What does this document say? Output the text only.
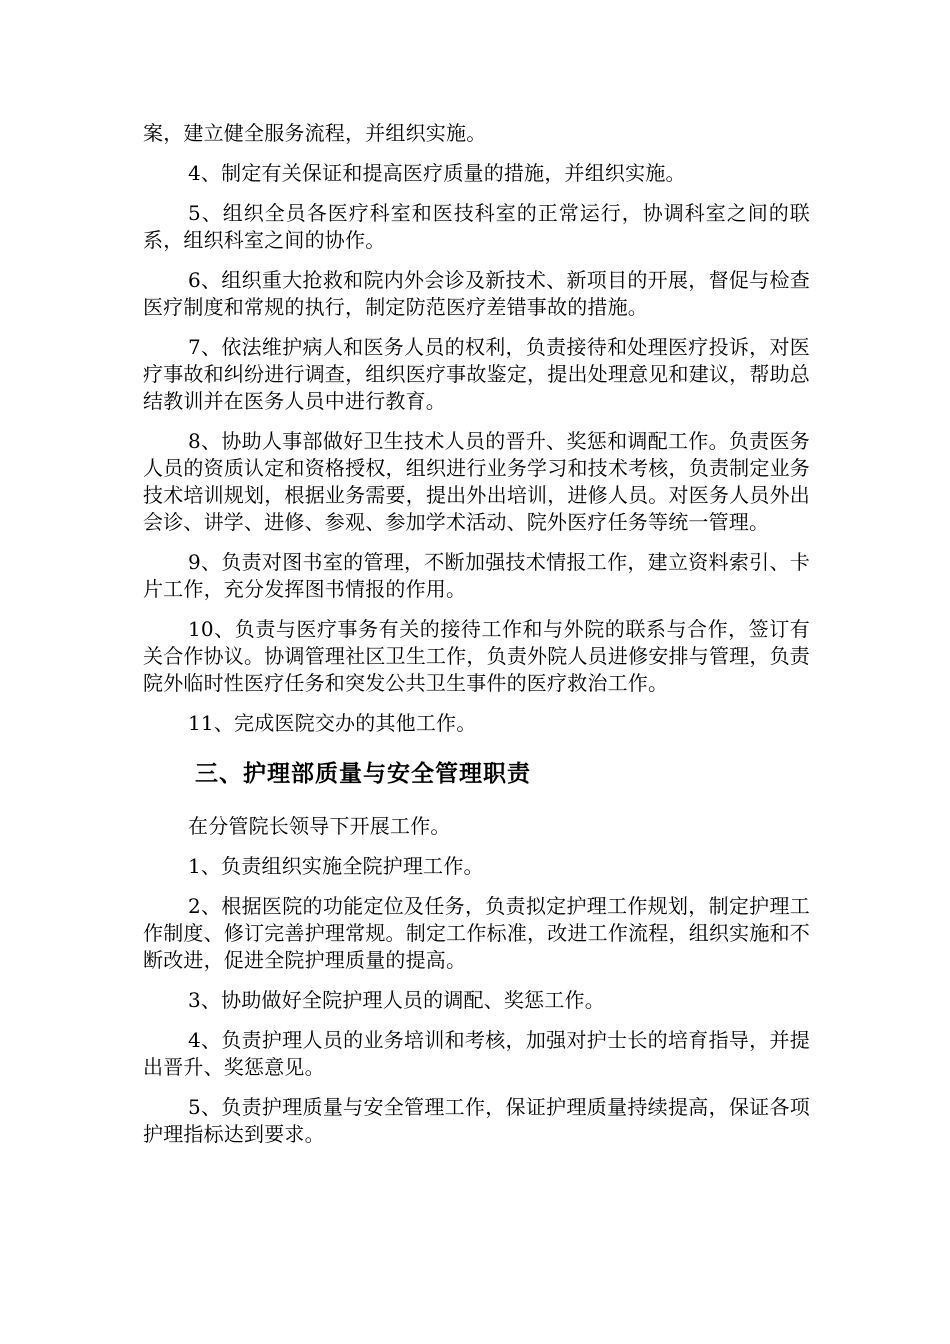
案，建立健全服务流程，并组织实施。

4、制定有关保证和提高医疗质量的措施，并组织实施。

5、组织全员各医疗科室和医技科室的正常运行，协调科室之间的联系，组织科室之间的协作。

6、组织重大抢救和院内外会诊及新技术、新项目的开展，督促与检查医疗制度和常规的执行，制定防范医疗差错事故的措施。

7、依法维护病人和医务人员的权利，负责接待和处理医疗投诉，对医疗事故和纠纷进行调查，组织医疗事故鉴定，提出处理意见和建议，帮助总结教训并在医务人员中进行教育。

8、协助人事部做好卫生技术人员的晋升、奖惩和调配工作。负责医务人员的资质认定和资格授权，组织进行业务学习和技术考核，负责制定业务技术培训规划，根据业务需要，提出外出培训，进修人员。对医务人员外出会诊、讲学、进修、参观、参加学术活动、院外医疗任务等统一管理。

9、负责对图书室的管理，不断加强技术情报工作，建立资料索引、卡片工作，充分发挥图书情报的作用。

10、负责与医疗事务有关的接待工作和与外院的联系与合作，签订有关合作协议。协调管理社区卫生工作，负责外院人员进修安排与管理，负责院外临时性医疗任务和突发公共卫生事件的医疗救治工作。

11、完成医院交办的其他工作。

三、护理部质量与安全管理职责

在分管院长领导下开展工作。

1、负责组织实施全院护理工作。

2、根据医院的功能定位及任务，负责拟定护理工作规划，制定护理工作制度、修订完善护理常规。制定工作标准，改进工作流程，组织实施和不断改进，促进全院护理质量的提高。

3、协助做好全院护理人员的调配、奖惩工作。

4、负责护理人员的业务培训和考核，加强对护士长的培育指导，并提出晋升、奖惩意见。

5、负责护理质量与安全管理工作，保证护理质量持续提高，保证各项护理指标达到要求。
